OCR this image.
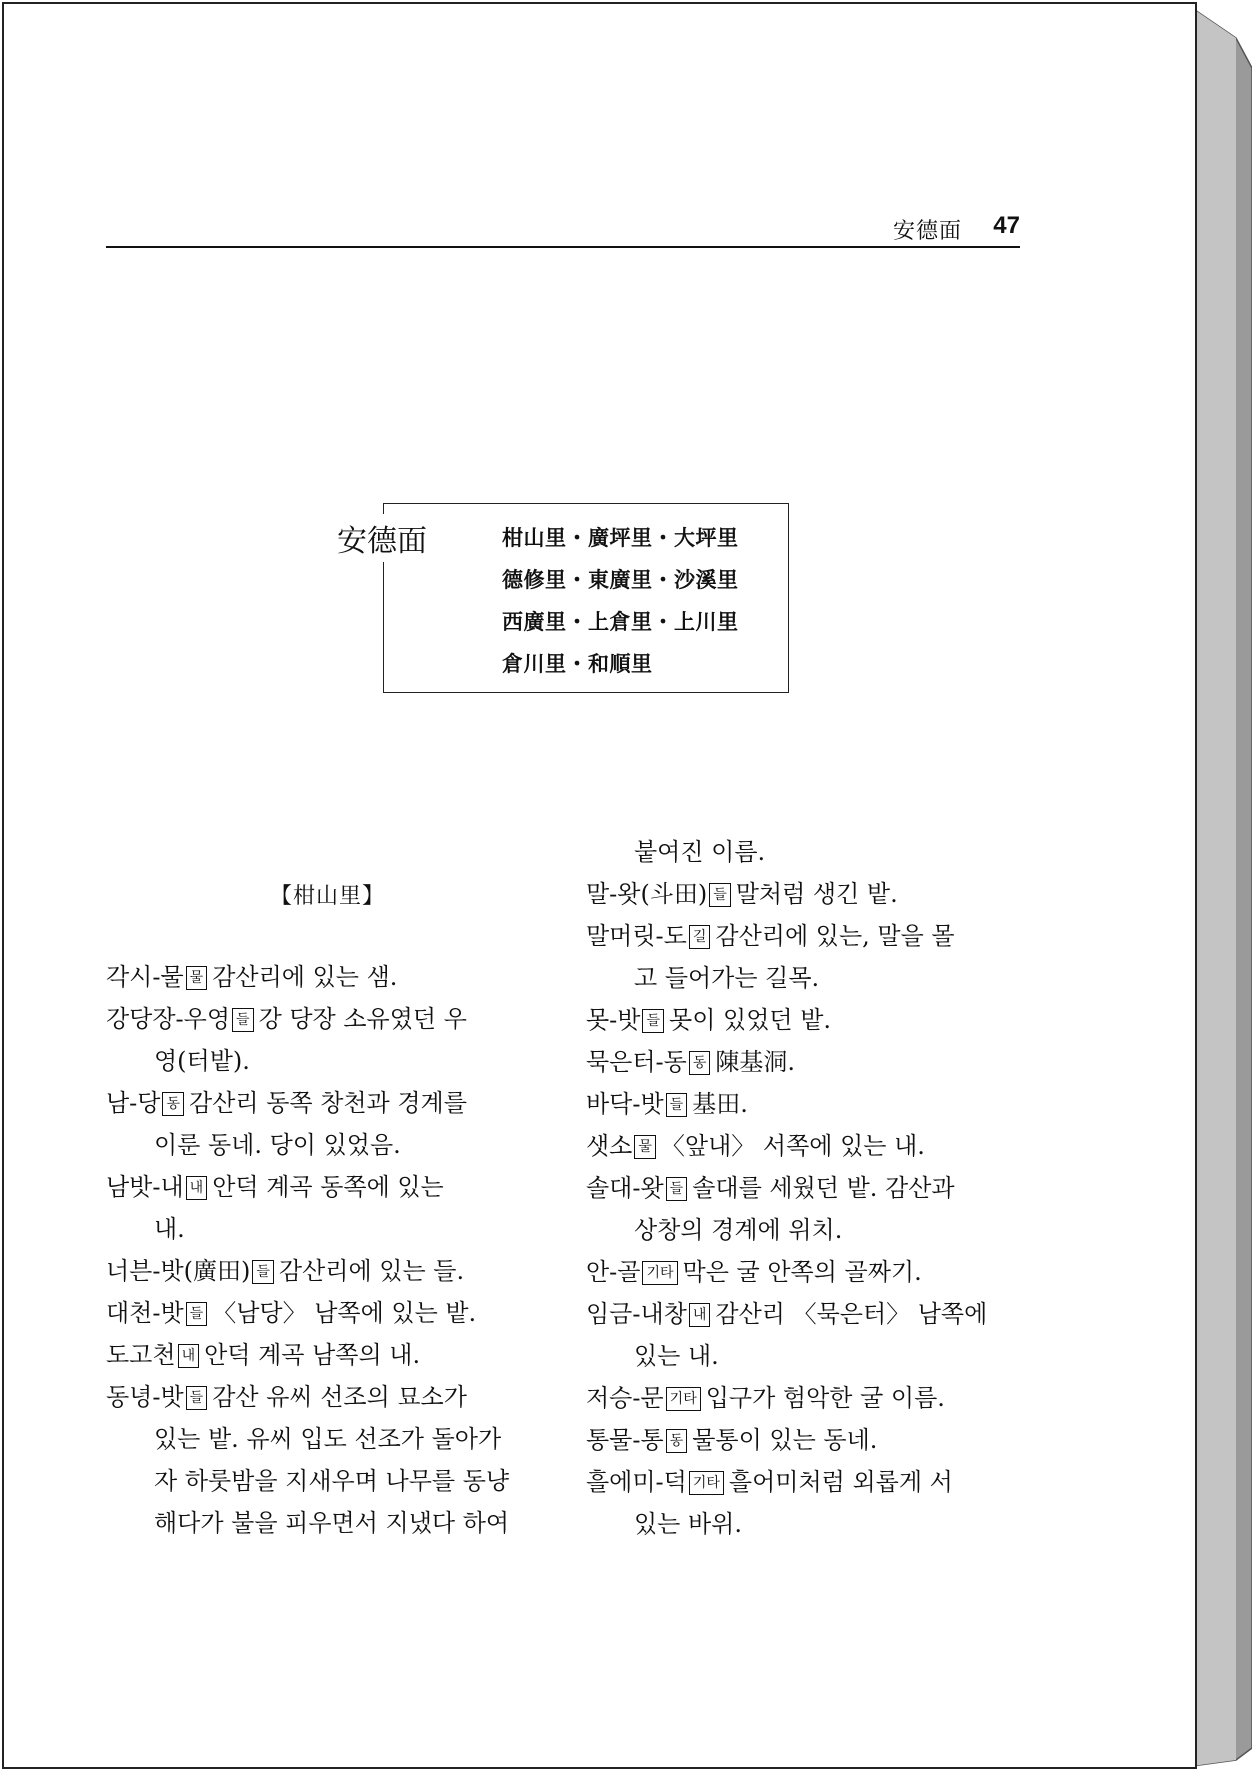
安德面 47
安德面	柑山里・廣坪里・大坪里
德修里・東廣里・沙溪里
西廣里・上倉里・上川里
倉川里・和順里
【柑山里】
각시-물 물 감산리에 있는 샘.
강당장-우영 들 강 당장 소유였던 우
영(터밭).
남-당 동 감산리 동쪽 창천과 경계를
이룬 동네. 당이 있었음.
남밧-내 내 안덕 계곡 동쪽에 있는
내.
너븐-밧(廣田) 들 감산리에 있는 들.
대천-밧 들 〈남당〉 남쪽에 있는 밭.
도고천 내 안덕 계곡 남쪽의 내.
동녕-밧 들 감산 유씨 선조의 묘소가
있는 밭. 유씨 입도 선조가 돌아가
자 하룻밤을 지새우며 나무를 동냥
해다가 불을 피우면서 지냈다 하여
붙여진 이름.
말-왓(斗田) 들 말처럼 생긴 밭.
말머릿-도 길 감산리에 있는, 말을 몰
고 들어가는 길목.
못-밧 들 못이 있었던 밭.
묵은터-동 동 陳基洞.
바닥-밧 들 基田.
샛소 물 〈앞내〉 서쪽에 있는 내.
솔대-왓 들 솔대를 세웠던 밭. 감산과
상창의 경계에 위치.
안-골 기타 막은 굴 안쪽의 골짜기.
임금-내창 내 감산리 〈묵은터〉 남쪽에
있는 내.
저승-문 기타 입구가 험악한 굴 이름.
통물-통 동 물통이 있는 동네.
흘에미-덕 기타 흘어미처럼 외롭게 서
있는 바위.
